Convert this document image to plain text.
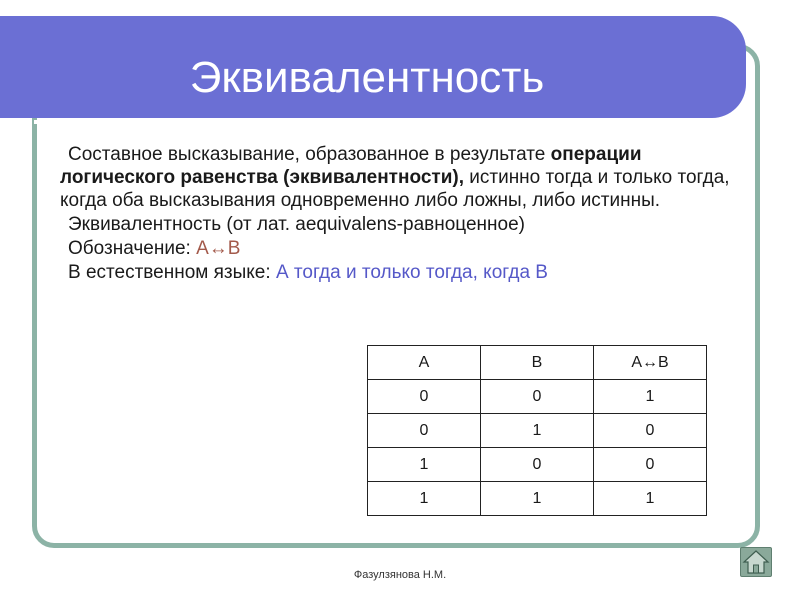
Эквивалентность

Составное высказывание, образованное в результате операции логического равенства (эквивалентности), истинно тогда и только тогда, когда оба высказывания одновременно либо ложны, либо истинны.

Эквивалентность (от лат. aequivalens-равноценное)

Обозначение: A↔B

В естественном языке: А тогда и только тогда, когда В

A	B	A↔B
0	0	1
0	1	0
1	0	0
1	1	1
Фазулзянова Н.М.
